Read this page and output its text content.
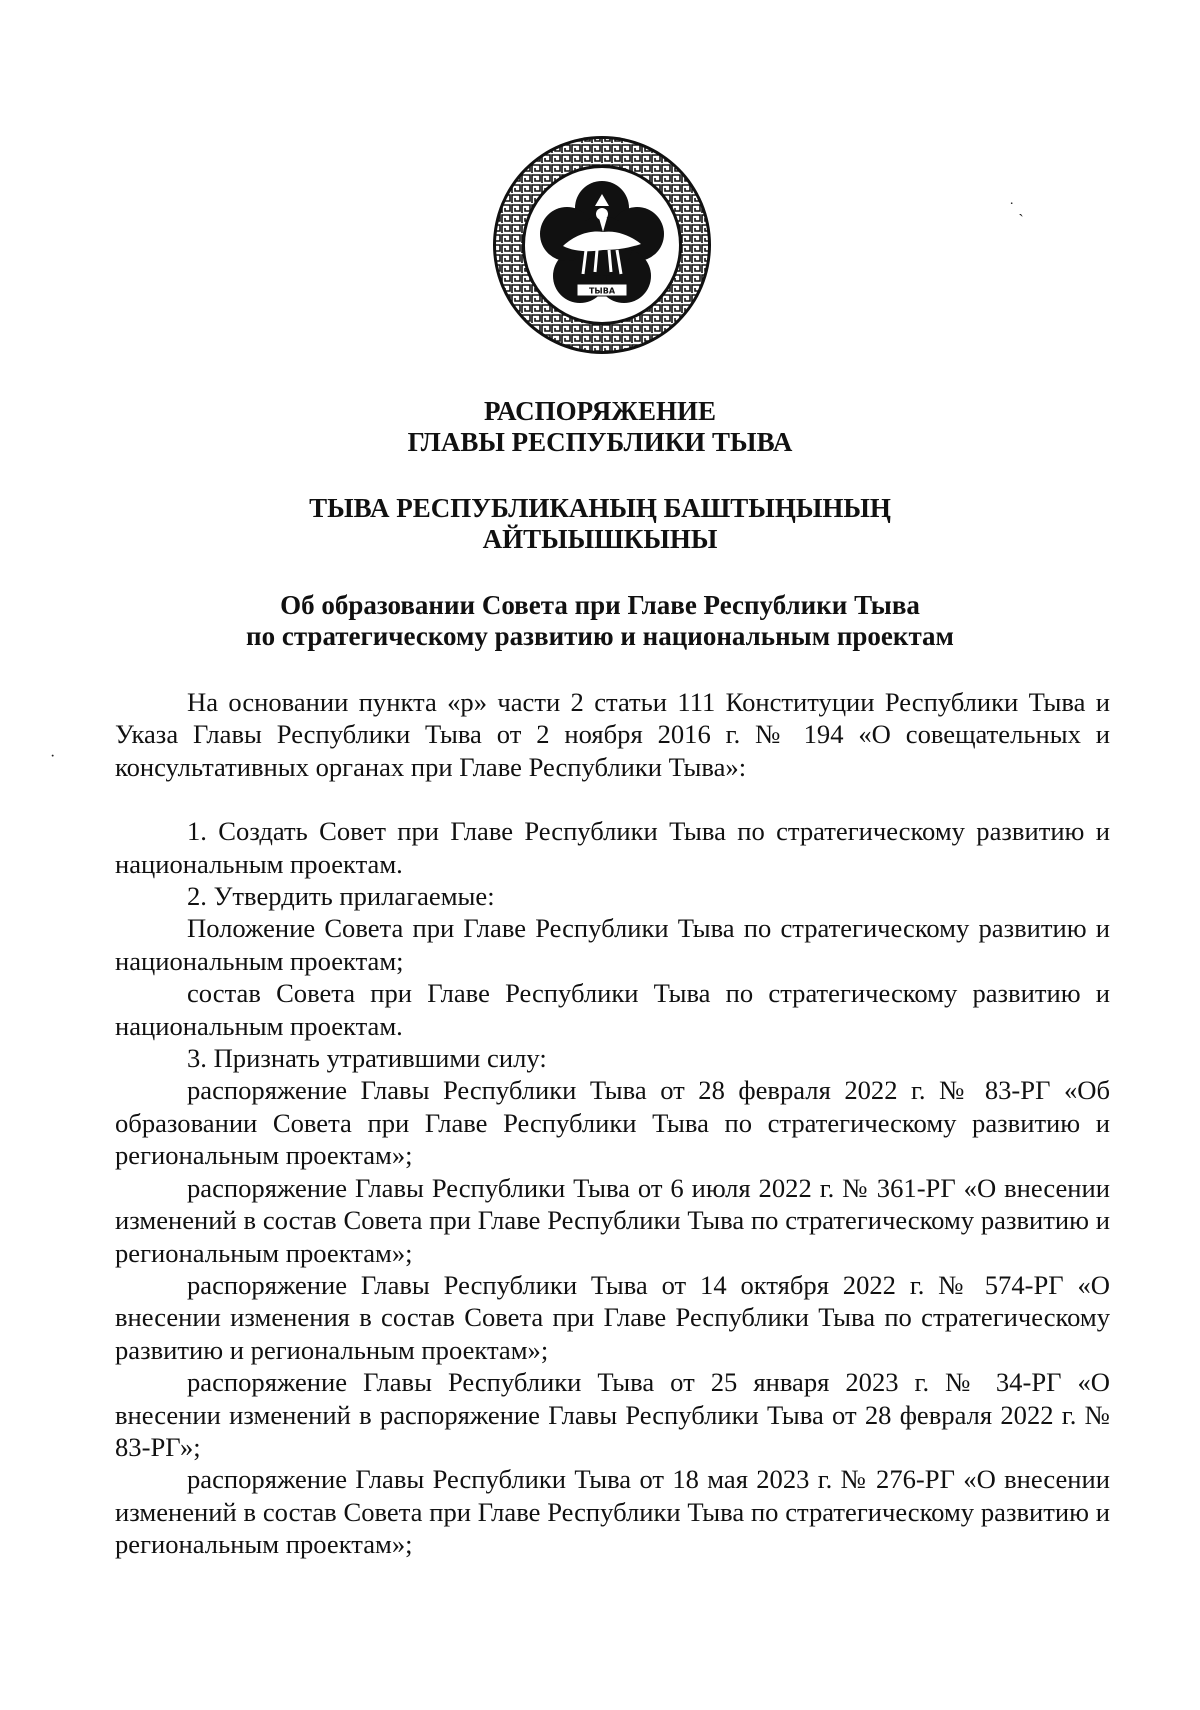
ТЫВА
˙ ˎ
·
РАСПОРЯЖЕНИЕ
ГЛАВЫ РЕСПУБЛИКИ ТЫВА
ТЫВА РЕСПУБЛИКАНЫҢ БАШТЫҢЫНЫҢ
АЙТЫЫШКЫНЫ
Об образовании Совета при Главе Республики Тыва
по стратегическому развитию и национальным проектам

На основании пункта «р» части 2 статьи 111 Конституции Республики Тыва и Указа Главы Республики Тыва от 2 ноября 2016 г. № 194 «О совещательных и консультативных органах при Главе Республики Тыва»:

1. Создать Совет при Главе Республики Тыва по стратегическому развитию и национальным проектам.

2. Утвердить прилагаемые:

Положение Совета при Главе Республики Тыва по стратегическому развитию и национальным проектам;

состав Совета при Главе Республики Тыва по стратегическому развитию и национальным проектам.

3. Признать утратившими силу:

распоряжение Главы Республики Тыва от 28 февраля 2022 г. № 83-РГ «Об образовании Совета при Главе Республики Тыва по стратегическому развитию и региональным проектам»;

распоряжение Главы Республики Тыва от 6 июля 2022 г. № 361-РГ «О внесении изменений в состав Совета при Главе Республики Тыва по стратегическому развитию и региональным проектам»;

распоряжение Главы Республики Тыва от 14 октября 2022 г. № 574-РГ «О внесении изменения в состав Совета при Главе Республики Тыва по стратегическому развитию и региональным проектам»;

распоряжение Главы Республики Тыва от 25 января 2023 г. № 34-РГ «О внесении изменений в распоряжение Главы Республики Тыва от 28 февраля 2022 г. № 83-РГ»;

распоряжение Главы Республики Тыва от 18 мая 2023 г. № 276-РГ «О внесении изменений в состав Совета при Главе Республики Тыва по стратегическому развитию и региональным проектам»;
